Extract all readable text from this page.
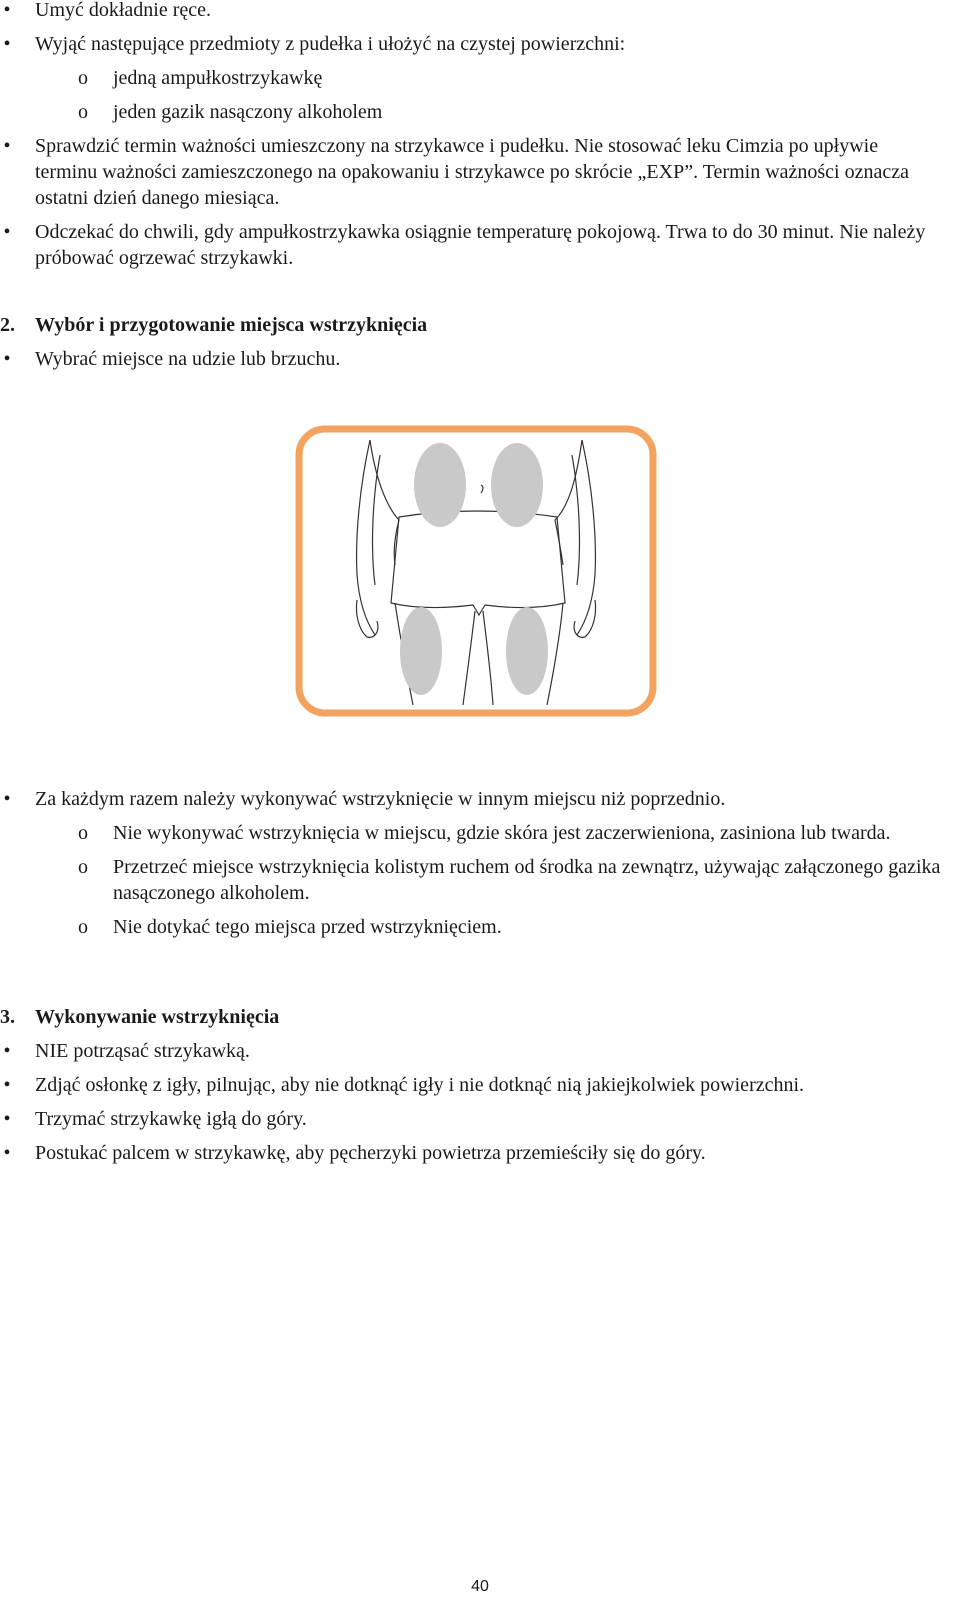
•
Umyć dokładnie ręce.
•
Wyjąć następujące przedmioty z pudełka i ułożyć na czystej powierzchni:
o jedną ampułkostrzykawkę
o jeden gazik nasączony alkoholem
•
Sprawdzić termin ważności umieszczony na strzykawce i pudełku. Nie stosować leku Cimzia po upływie terminu ważności zamieszczonego na opakowaniu i strzykawce po skrócie „EXP”. Termin ważności oznacza ostatni dzień danego miesiąca.
•
Odczekać do chwili, gdy ampułkostrzykawka osiągnie temperaturę pokojową. Trwa to do 30 minut. Nie należy próbować ogrzewać strzykawki.
2.	Wybór i przygotowanie miejsca wstrzyknięcia
•
Wybrać miejsce na udzie lub brzuchu.
•
Za każdym razem należy wykonywać wstrzyknięcie w innym miejscu niż poprzednio.
o Nie wykonywać wstrzyknięcia w miejscu, gdzie skóra jest zaczerwieniona, zasiniona lub twarda.
o Przetrzeć miejsce wstrzyknięcia kolistym ruchem od środka na zewnątrz, używając załączonego gazika nasączonego alkoholem.
o Nie dotykać tego miejsca przed wstrzyknięciem.
3.	Wykonywanie wstrzyknięcia
•
NIE potrząsać strzykawką.
•
Zdjąć osłonkę z igły, pilnując, aby nie dotknąć igły i nie dotknąć nią jakiejkolwiek powierzchni.
•
Trzymać strzykawkę igłą do góry.
•
Postukać palcem w strzykawkę, aby pęcherzyki powietrza przemieściły się do góry.
40
